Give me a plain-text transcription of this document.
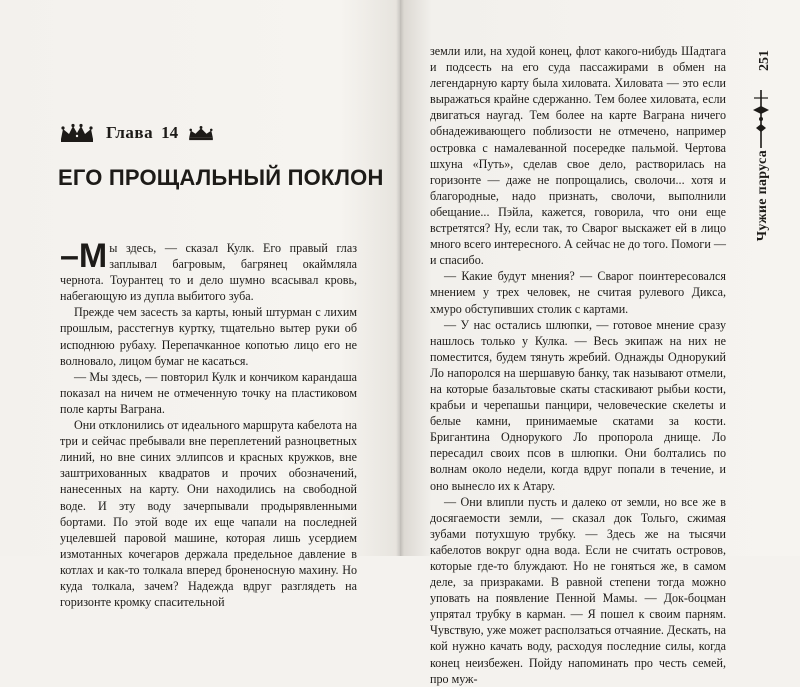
Глава 14
ЕГО ПРОЩАЛЬНЫЙ ПОКЛОН

–М ы здесь, — сказал Кулк. Его правый глаз заплывал багровым, багрянец окаймляла чернота. Тоурантец то и дело шумно всасывал кровь, набегающую из дупла выбитого зуба.

Прежде чем засесть за карты, юный штурман с лихим прошлым, расстегнув куртку, тщательно вытер руки об исподнюю рубаху. Перепачканное копотью лицо его не волновало, лицом бумаг не касаться.

— Мы здесь, — повторил Кулк и кончиком карандаша показал на ничем не отмеченную точку на пластиковом поле карты Ваграна.

Они отклонились от идеального маршрута кабелота на три и сейчас пребывали вне переплетений разноцветных линий, но вне синих эллипсов и красных кружков, вне заштрихованных квадратов и прочих обозначений, нанесенных на карту. Они находились на свободной воде. И эту воду зачерпывали продырявленными бортами. По этой воде их еще чапали на последней уцелевшей паровой машине, которая лишь усердием измотанных кочегаров держала предельное давление в котлах и как-то толкала вперед броненосную махину. Но куда толкала, зачем? Надежда вдруг разглядеть на горизонте кромку спасительной

земли или, на худой конец, флот какого-нибудь Шадтага и подсесть на его суда пассажирами в обмен на легендарную карту была хиловата. Хиловата — это если выражаться крайне сдержанно. Тем более хиловата, если двигаться наугад. Тем более на карте Ваграна ничего обнадеживающего поблизости не отмечено, например островка с намалеванной посередке пальмой. Чертова шхуна «Путь», сделав свое дело, растворилась на горизонте — даже не попрощались, сволочи... хотя и благородные, надо признать, сволочи, выполнили обещание... Пэйла, кажется, говорила, что они еще встретятся? Ну, если так, то Сварог выскажет ей в лицо много всего интересного. А сейчас не до того. Помоги — и спасибо.

— Какие будут мнения? — Сварог поинтересовался мнением у трех человек, не считая рулевого Дикса, хмуро обступивших столик с картами.

— У нас остались шлюпки, — готовое мнение сразу нашлось только у Кулка. — Весь экипаж на них не поместится, будем тянуть жребий. Однажды Однорукий Ло напоролся на шершавую банку, так называют отмели, на которые базальтовые скаты стаскивают рыбьи кости, крабьи и черепашьи панцири, человеческие скелеты и белые камни, принимаемые скатами за кости. Бригантина Однорукого Ло пропорола днище. Ло пересадил своих псов в шлюпки. Они болтались по волнам около недели, когда вдруг попали в течение, и оно вынесло их к Атару.

— Они влипли пусть и далеко от земли, но все же в досягаемости земли, — сказал док Тольго, сжимая зубами потухшую трубку. — Здесь же на тысячи кабелотов вокруг одна вода. Если не считать островов, которые где-то блуждают. Но не гоняться же, в самом деле, за призраками. В равной степени тогда можно уповать на появление Пенной Мамы. — Док-боцман упрятал трубку в карман. — Я пошел к своим парням. Чувствую, уже может расползаться отчаяние. Дескать, на кой нужно качать воду, расходуя последние силы, когда конец неизбежен. Пойду напоминать про честь семей, про муж-

251
Чужие паруса
